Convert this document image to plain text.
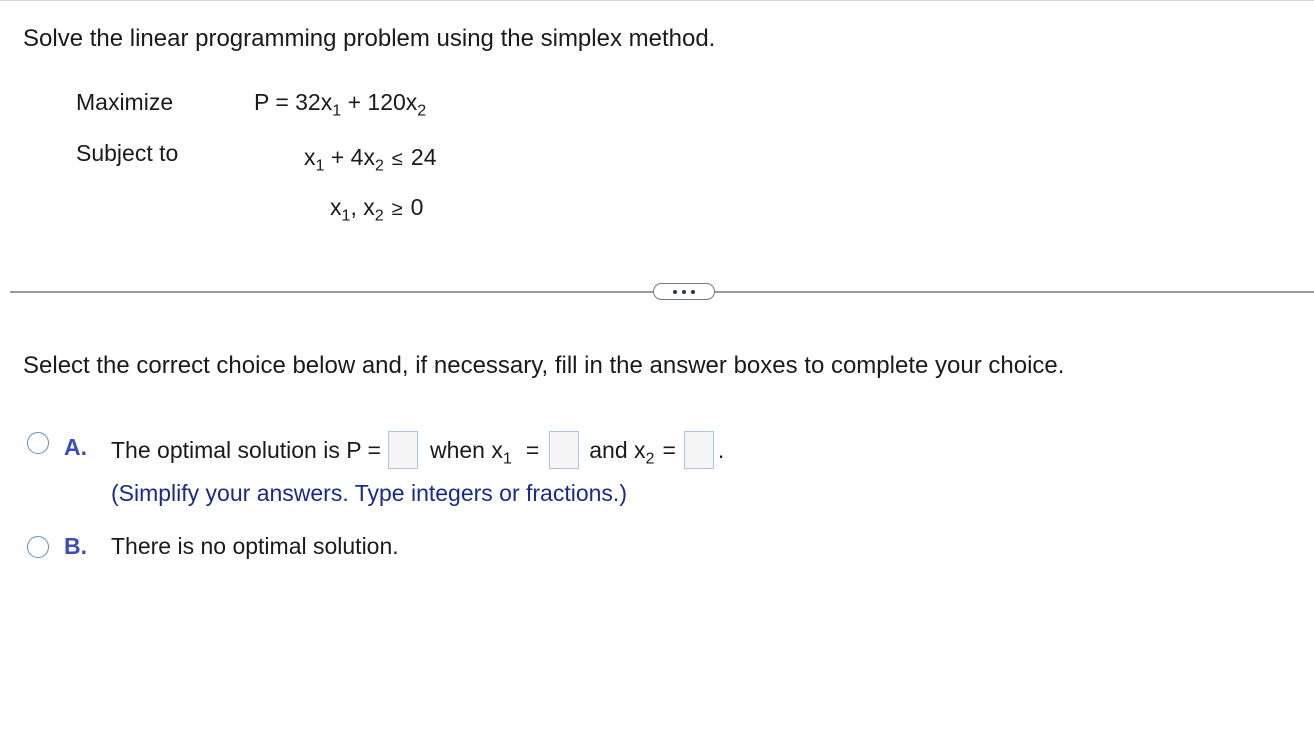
Solve the linear programming problem using the simplex method.
Maximize
Subject to
$P = 32x_1 + 120x_2$
$x_1 + 4x_2 \le 24$
$x_1$, $x_2 \ge 0$
Select the correct choice below and, if necessary, fill in the answer boxes to complete your choice.
A. The optimal solution is P = when $x_1$ = and $x_2$ = .
(Simplify your answers. Type integers or fractions.)
B. There is no optimal solution.
